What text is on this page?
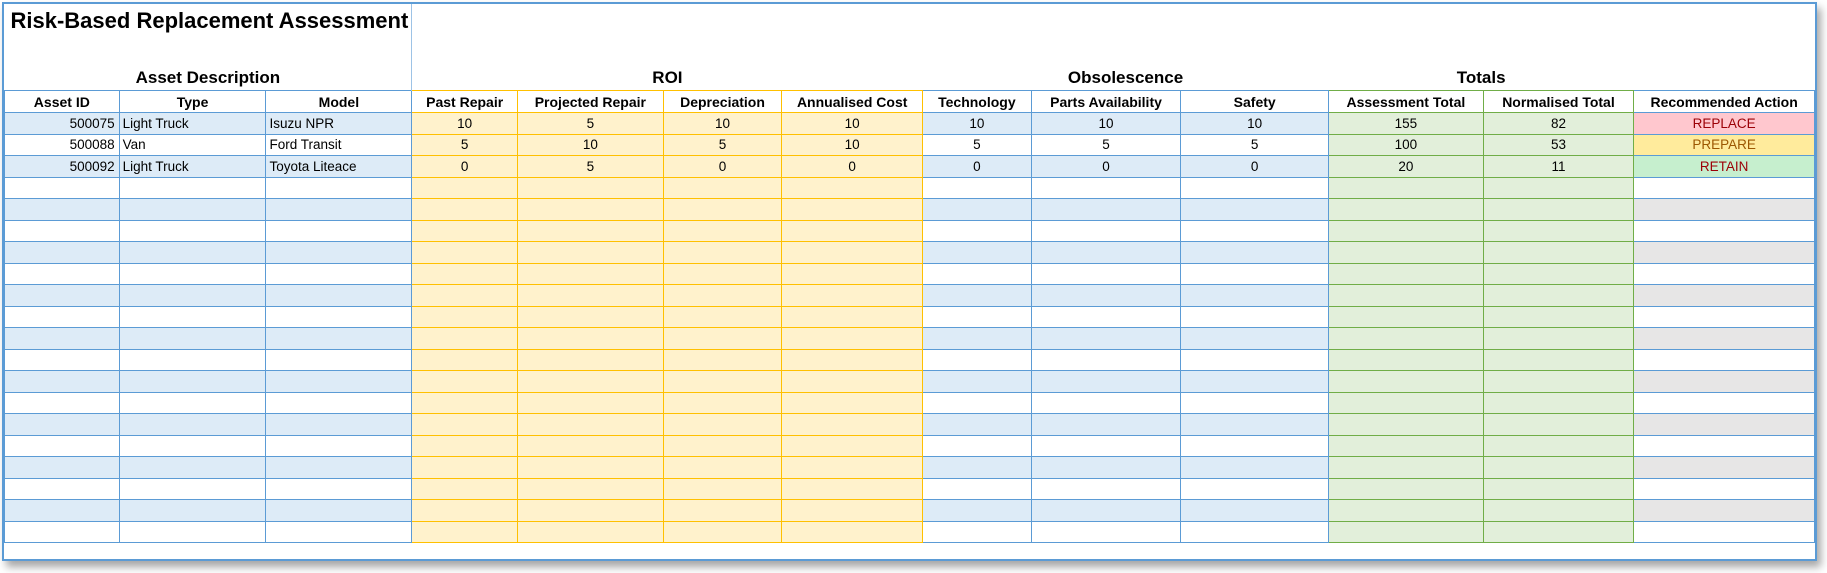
Risk-Based Replacement Assessment												
Asset Description			ROI				Obsolescence			Totals		
Asset ID	Type	Model	Past Repair	Projected Repair	Depreciation	Annualised Cost	Technology	Parts Availability	Safety	Assessment Total	Normalised Total	Recommended Action
500075	Light Truck	Isuzu NPR	10	5	10	10	10	10	10	155	82	REPLACE
500088	Van	Ford Transit	5	10	5	10	5	5	5	100	53	PREPARE
500092	Light Truck	Toyota Liteace	0	5	0	0	0	0	0	20	11	RETAIN
